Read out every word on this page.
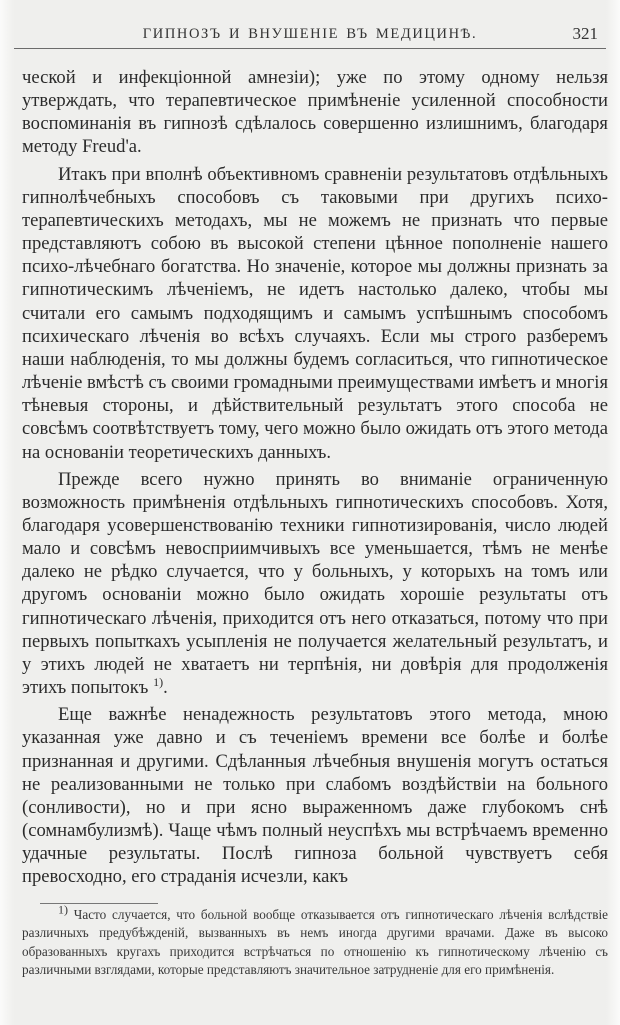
ГИПНОЗЪ И ВНУШЕНІЕ ВЪ МЕДИЦИНѢ.	321

ческой и инфекціонной амнезіи); уже по этому одному нельзя утверждать, что терапевтическое примѣненіе усиленной способности воспоминанія въ гипнозѣ сдѣлалось совершенно излишнимъ, благодаря методу Freud'a.

Итакъ при вполнѣ объективномъ сравненіи результатовъ отдѣльныхъ гипнолѣчебныхъ способовъ съ таковыми при другихъ психо-терапевтическихъ методахъ, мы не можемъ не признать что первые представляютъ собою въ высокой степени цѣнное пополненіе нашего психо-лѣчебнаго богатства. Но значеніе, которое мы должны признать за гипнотическимъ лѣченіемъ, не идетъ настолько далеко, чтобы мы считали его самымъ подходящимъ и самымъ успѣшнымъ способомъ психическаго лѣченія во всѣхъ случаяхъ. Если мы строго разберемъ наши наблюденія, то мы должны будемъ согласиться, что гипнотическое лѣченіе вмѣстѣ съ своими громадными преимуществами имѣетъ и многія тѣневыя стороны, и дѣйствительный результатъ этого способа не совсѣмъ соотвѣтствуетъ тому, чего можно было ожидать отъ этого метода на основаніи теоретическихъ данныхъ.

Прежде всего нужно принять во вниманіе ограниченную возможность примѣненія отдѣльныхъ гипнотическихъ способовъ. Хотя, благодаря усовершенствованію техники гипнотизированія, число людей мало и совсѣмъ невосприимчивыхъ все уменьшается, тѣмъ не менѣе далеко не рѣдко случается, что у больныхъ, у которыхъ на томъ или другомъ основаніи можно было ожидать хорошіе результаты отъ гипнотическаго лѣченія, приходится отъ него отказаться, потому что при первыхъ попыткахъ усыпленія не получается желательный результатъ, и у этихъ людей не хватаетъ ни терпѣнія, ни довѣрія для продолженія этихъ попытокъ $^{1)}$.

Еще важнѣе ненадежность результатовъ этого метода, мною указанная уже давно и съ теченіемъ времени все болѣе и болѣе признанная и другими. Сдѣланныя лѣчебныя внушенія могутъ остаться не реализованными не только при слабомъ воздѣйствіи на больного (сонливости), но и при ясно выраженномъ даже глубокомъ снѣ (сомнамбулизмѣ). Чаще чѣмъ полный неуспѣхъ мы встрѣчаемъ временно удачные результаты. Послѣ гипноза больной чувствуетъ себя превосходно, его страданія исчезли, какъ

1) Часто случается, что больной вообще отказывается отъ гипнотическаго лѣченія вслѣдствіе различныхъ предубѣжденій, вызванныхъ въ немъ иногда другими врачами. Даже въ высоко образованныхъ кругахъ приходится встрѣчаться по отношенію къ гипнотическому лѣченію съ различными взглядами, которые представляютъ значительное затрудненіе для его примѣненія.
